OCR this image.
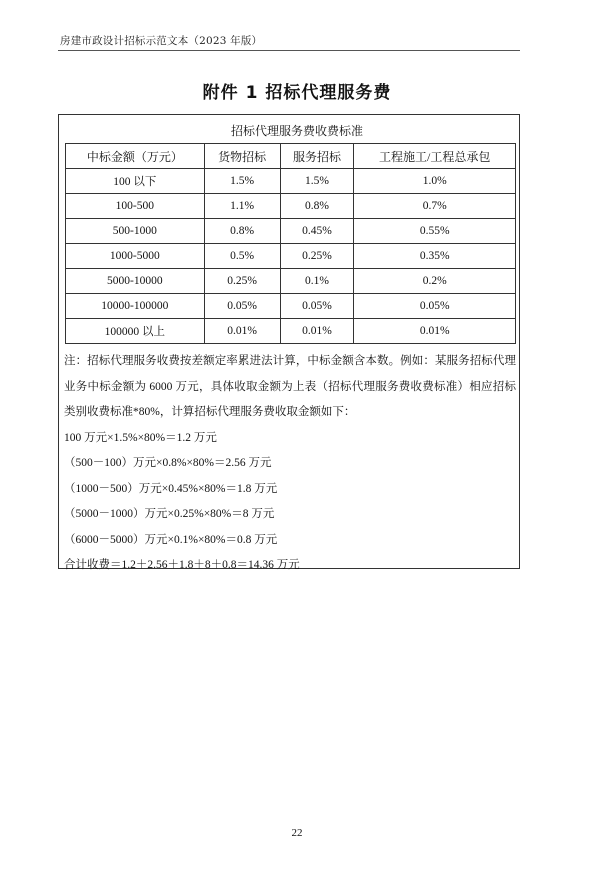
房建市政设计招标示范文本（2023 年版）
附件 1 招标代理服务费
招标代理服务费收费标准
中标金额（万元）	货物招标	服务招标	工程施工/工程总承包
100 以下	1.5%	1.5%	1.0%
100-500	1.1%	0.8%	0.7%
500-1000	0.8%	0.45%	0.55%
1000-5000	0.5%	0.25%	0.35%
5000-10000	0.25%	0.1%	0.2%
10000-100000	0.05%	0.05%	0.05%
100000 以上	0.01%	0.01%	0.01%

注：招标代理服务收费按差额定率累进法计算，中标金额含本数。例如：某服务招标代理业务中标金额为 6000 万元，具体收取金额为上表（招标代理服务费收费标准）相应招标类别收费标准*80%，计算招标代理服务费收取金额如下：

100 万元×1.5%×80%＝1.2 万元

（500－100）万元×0.8%×80%＝2.56 万元

（1000－500）万元×0.45%×80%＝1.8 万元

（5000－1000）万元×0.25%×80%＝8 万元

（6000－5000）万元×0.1%×80%＝0.8 万元

合计收费＝1.2＋2.56＋1.8＋8＋0.8＝14.36 万元

22
